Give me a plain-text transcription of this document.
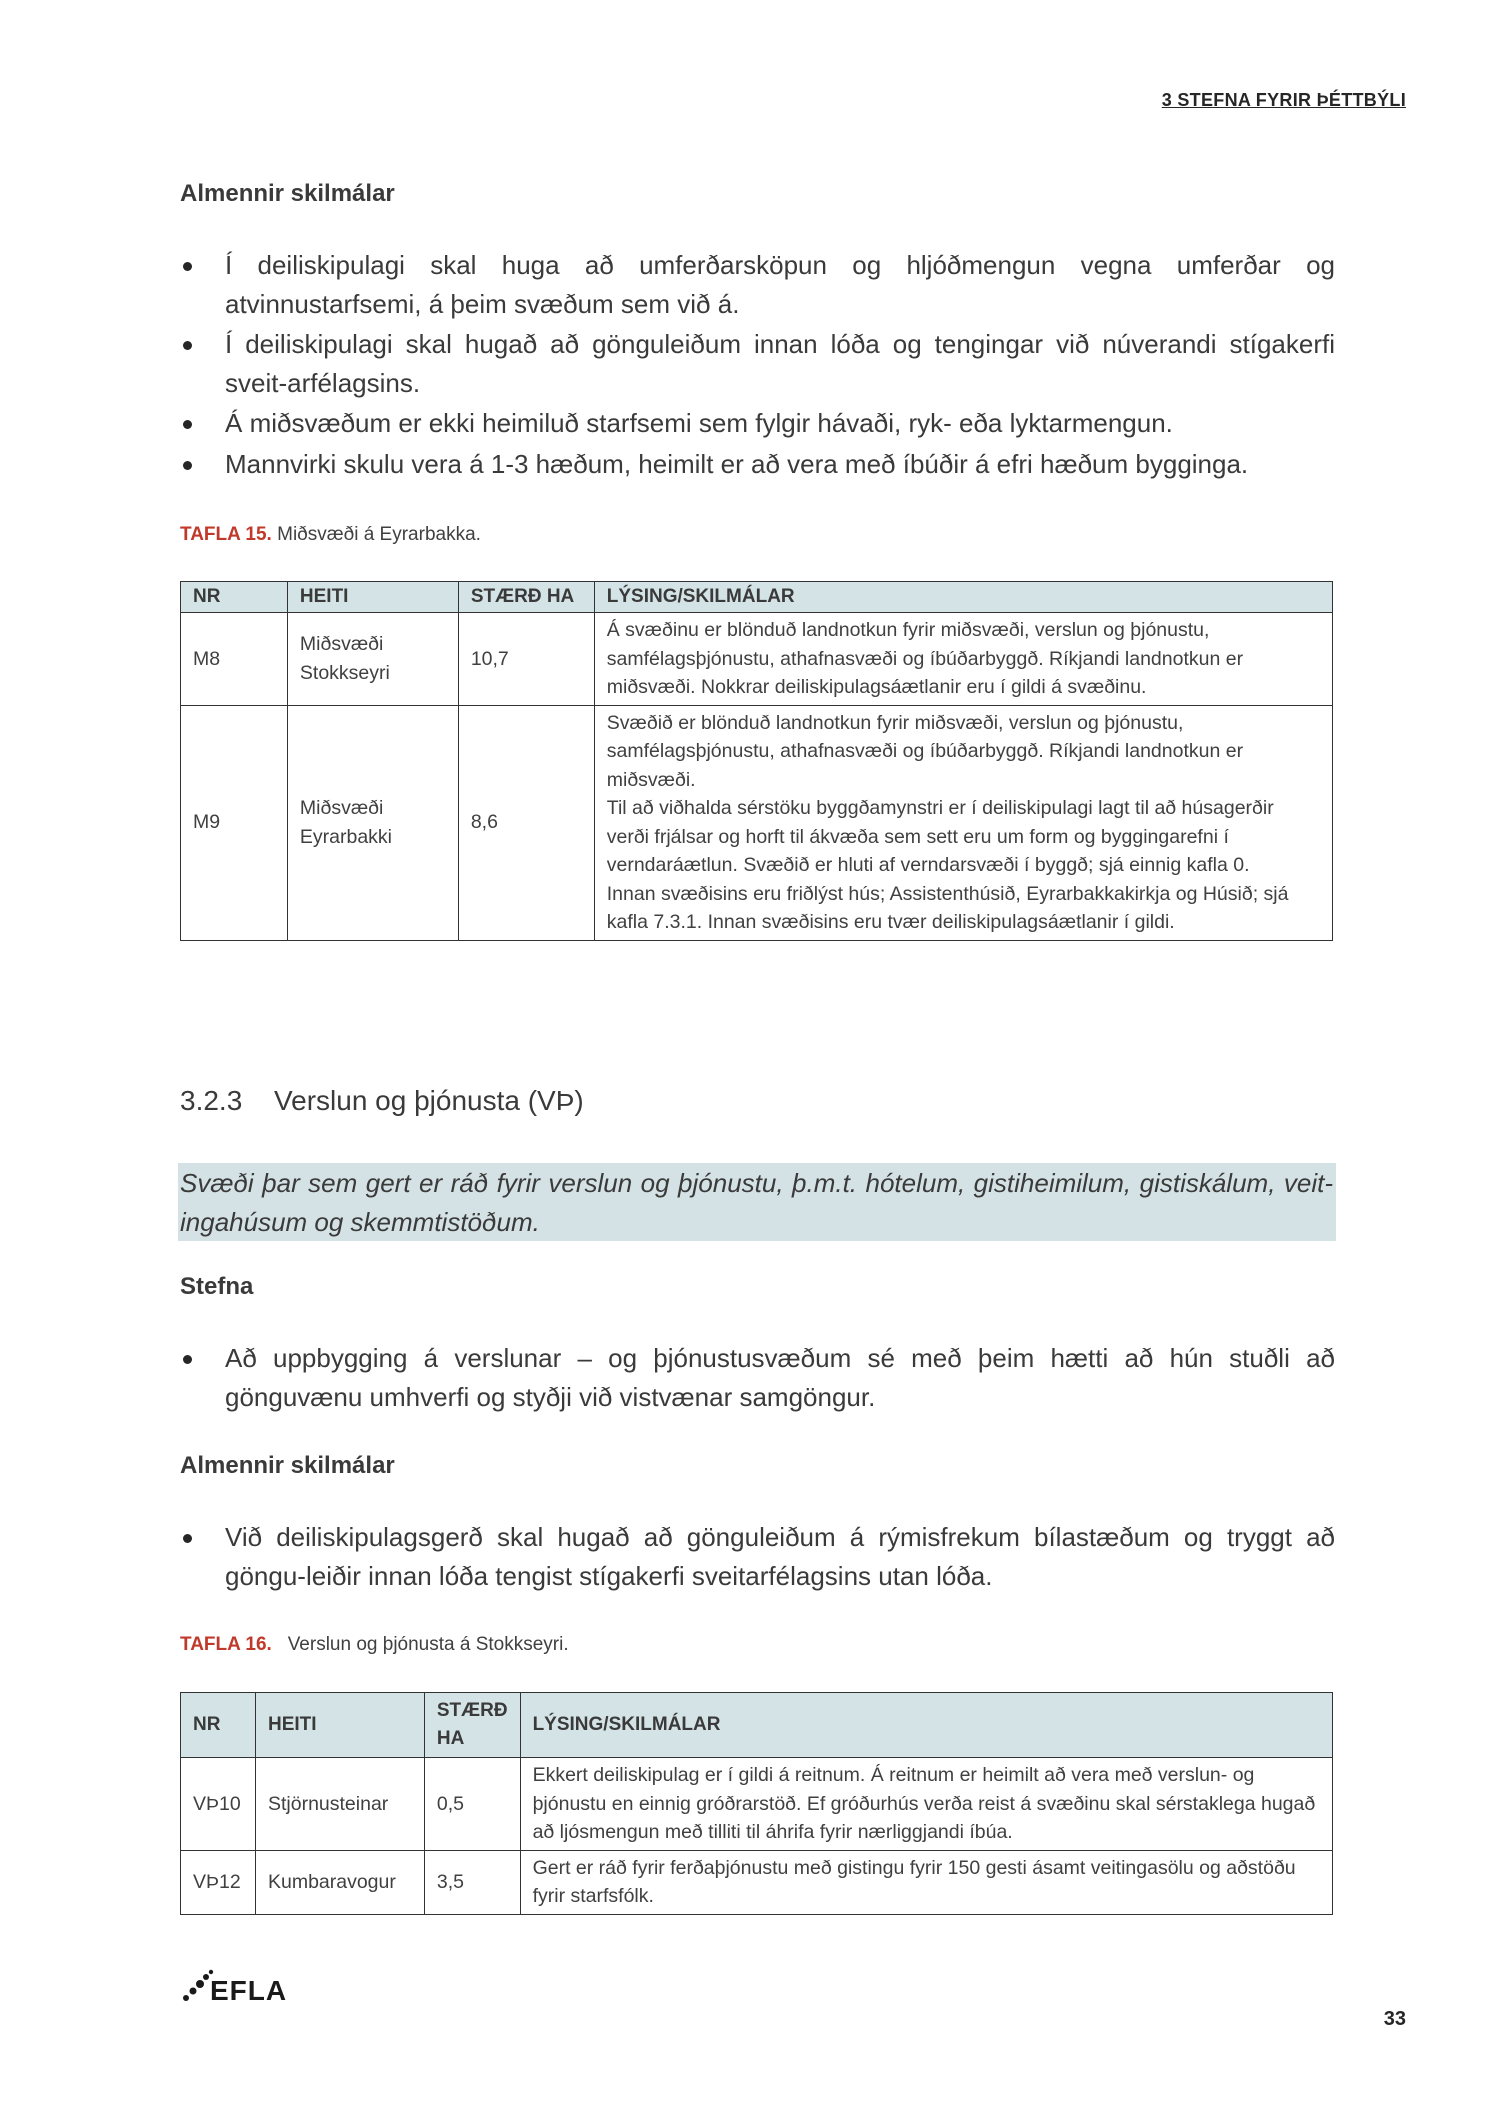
3 STEFNA FYRIR ÞÉTTBÝLI
Almennir skilmálar
Í deiliskipulagi skal huga að umferðarsköpun og hljóðmengun vegna umferðar og atvinnustarfsemi, á þeim svæðum sem við á.
Í deiliskipulagi skal hugað að gönguleiðum innan lóða og tengingar við núverandi stígakerfi sveit-arfélagsins.
Á miðsvæðum er ekki heimiluð starfsemi sem fylgir hávaði, ryk- eða lyktarmengun.
Mannvirki skulu vera á 1-3 hæðum, heimilt er að vera með íbúðir á efri hæðum bygginga.
TAFLA 15. Miðsvæði á Eyrarbakka.
NR	HEITI	STÆRÐ HA	LÝSING/SKILMÁLAR
M8	Miðsvæði Stokkseyri	10,7	Á svæðinu er blönduð landnotkun fyrir miðsvæði, verslun og þjónustu, samfélagsþjónustu, athafnasvæði og íbúðarbyggð. Ríkjandi landnotkun er miðsvæði. Nokkrar deiliskipulagsáætlanir eru í gildi á svæðinu.

M9	Miðsvæði Eyrarbakki	8,6	Svæðið er blönduð landnotkun fyrir miðsvæði, verslun og þjónustu, samfélagsþjónustu, athafnasvæði og íbúðarbyggð. Ríkjandi landnotkun er miðsvæði.
Til að viðhalda sérstöku byggðamynstri er í deiliskipulagi lagt til að húsagerðir verði frjálsar og horft til ákvæða sem sett eru um form og byggingarefni í verndaráætlun. Svæðið er hluti af verndarsvæði í byggð; sjá einnig kafla 0.
Innan svæðisins eru friðlýst hús; Assistenthúsið, Eyrarbakkakirkja og Húsið; sjá kafla 7.3.1. Innan svæðisins eru tvær deiliskipulagsáætlanir í gildi.
3.2.3 Verslun og þjónusta (VÞ)
Svæði þar sem gert er ráð fyrir verslun og þjónustu, þ.m.t. hótelum, gistiheimilum, gistiskálum, veit-ingahúsum og skemmtistöðum.
Stefna
Að uppbygging á verslunar – og þjónustusvæðum sé með þeim hætti að hún stuðli að gönguvænu umhverfi og styðji við vistvænar samgöngur.
Almennir skilmálar
Við deiliskipulagsgerð skal hugað að gönguleiðum á rýmisfrekum bílastæðum og tryggt að göngu-leiðir innan lóða tengist stígakerfi sveitarfélagsins utan lóða.
TAFLA 16. Verslun og þjónusta á Stokkseyri.
NR	HEITI	STÆRÐ HA	LÝSING/SKILMÁLAR
VÞ10	Stjörnusteinar	0,5	Ekkert deiliskipulag er í gildi á reitnum. Á reitnum er heimilt að vera með verslun- og þjónustu en einnig gróðrarstöð. Ef gróðurhús verða reist á svæðinu skal sérstaklega hugað að ljósmengun með tilliti til áhrifa fyrir nærliggjandi íbúa.
VÞ12	Kumbaravogur	3,5	Gert er ráð fyrir ferðaþjónustu með gistingu fyrir 150 gesti ásamt veitingasölu og aðstöðu fyrir starfsfólk.
EFLA
33
